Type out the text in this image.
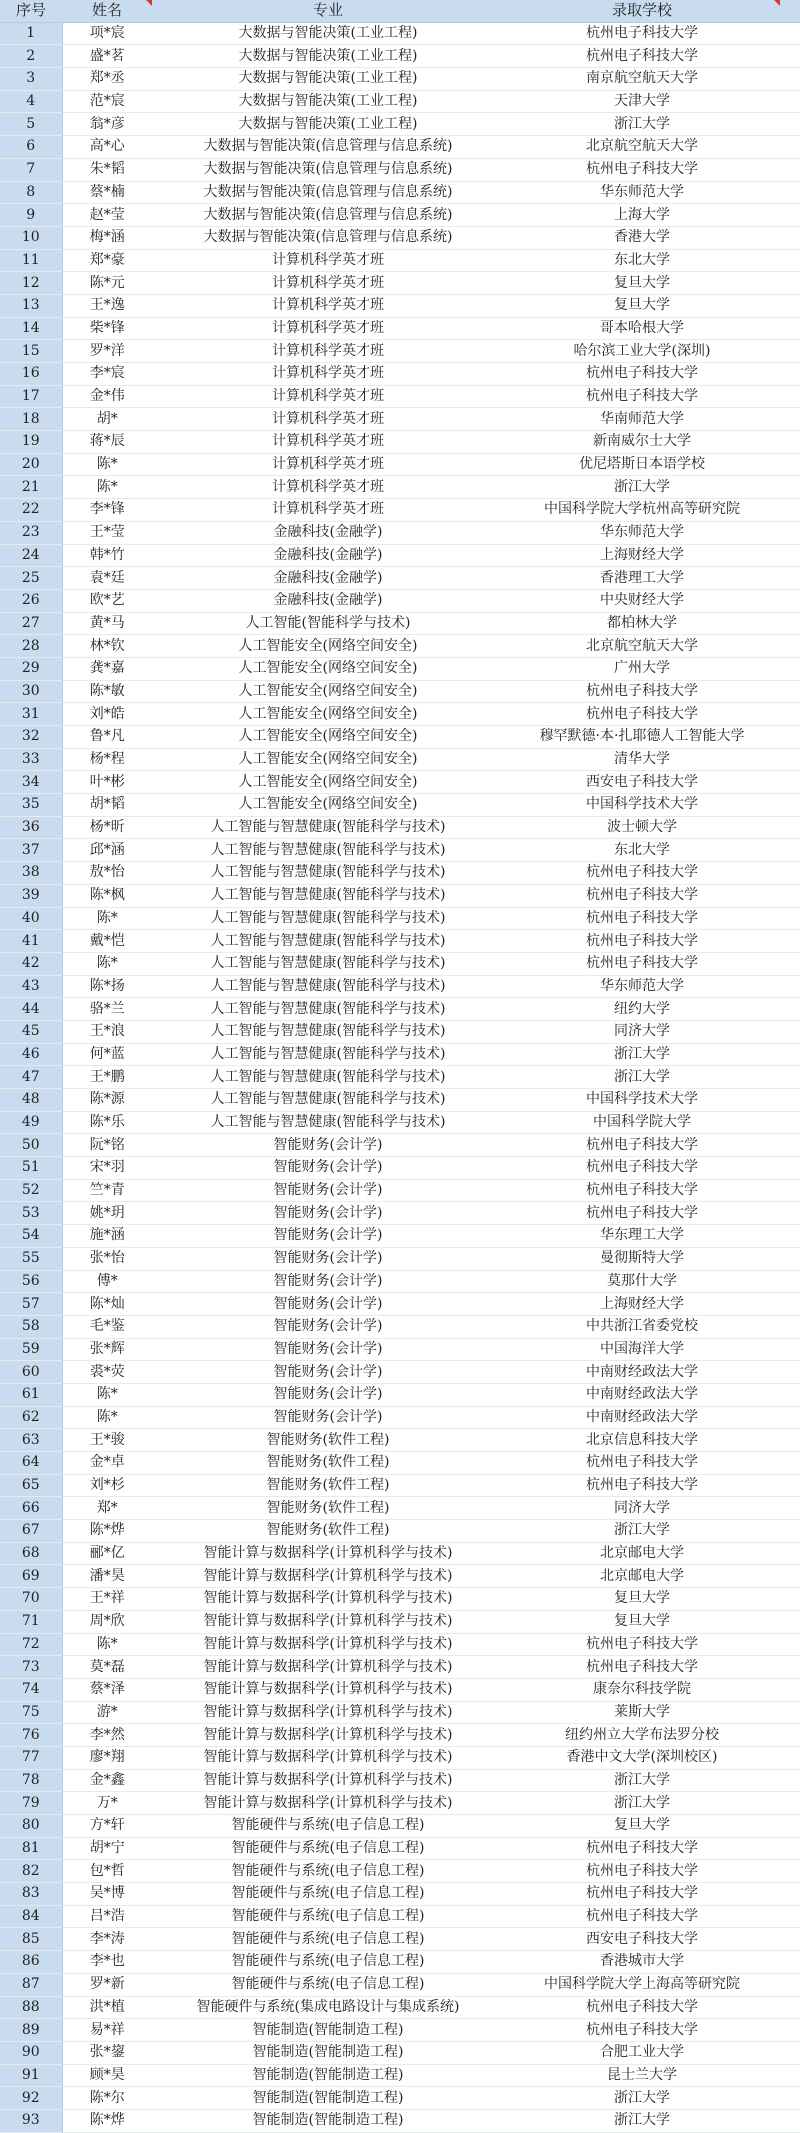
序号	姓名	专业	录取学校	
1	项*宸	大数据与智能决策(工业工程)	杭州电子科技大学	
2	盛*茗	大数据与智能决策(工业工程)	杭州电子科技大学	
3	郑*丞	大数据与智能决策(工业工程)	南京航空航天大学	
4	范*宸	大数据与智能决策(工业工程)	天津大学	
5	翁*彦	大数据与智能决策(工业工程)	浙江大学	
6	高*心	大数据与智能决策(信息管理与信息系统)	北京航空航天大学	
7	朱*韬	大数据与智能决策(信息管理与信息系统)	杭州电子科技大学	
8	蔡*楠	大数据与智能决策(信息管理与信息系统)	华东师范大学	
9	赵*莹	大数据与智能决策(信息管理与信息系统)	上海大学	
10	梅*涵	大数据与智能决策(信息管理与信息系统)	香港大学	
11	郑*豪	计算机科学英才班	东北大学	
12	陈*元	计算机科学英才班	复旦大学	
13	王*逸	计算机科学英才班	复旦大学	
14	柴*锋	计算机科学英才班	哥本哈根大学	
15	罗*洋	计算机科学英才班	哈尔滨工业大学(深圳)	
16	李*宸	计算机科学英才班	杭州电子科技大学	
17	金*伟	计算机科学英才班	杭州电子科技大学	
18	胡*	计算机科学英才班	华南师范大学	
19	蒋*辰	计算机科学英才班	新南威尔士大学	
20	陈*	计算机科学英才班	优尼塔斯日本语学校	
21	陈*	计算机科学英才班	浙江大学	
22	李*锋	计算机科学英才班	中国科学院大学杭州高等研究院	
23	王*莹	金融科技(金融学)	华东师范大学	
24	韩*竹	金融科技(金融学)	上海财经大学	
25	袁*廷	金融科技(金融学)	香港理工大学	
26	欧*艺	金融科技(金融学)	中央财经大学	
27	黄*马	人工智能(智能科学与技术)	都柏林大学	
28	林*钦	人工智能安全(网络空间安全)	北京航空航天大学	
29	龚*嘉	人工智能安全(网络空间安全)	广州大学	
30	陈*敏	人工智能安全(网络空间安全)	杭州电子科技大学	
31	刘*皓	人工智能安全(网络空间安全)	杭州电子科技大学	
32	鲁*凡	人工智能安全(网络空间安全)	穆罕默德·本·扎耶德人工智能大学	
33	杨*程	人工智能安全(网络空间安全)	清华大学	
34	叶*彬	人工智能安全(网络空间安全)	西安电子科技大学	
35	胡*韬	人工智能安全(网络空间安全)	中国科学技术大学	
36	杨*昕	人工智能与智慧健康(智能科学与技术)	波士顿大学	
37	邱*涵	人工智能与智慧健康(智能科学与技术)	东北大学	
38	敖*怡	人工智能与智慧健康(智能科学与技术)	杭州电子科技大学	
39	陈*枫	人工智能与智慧健康(智能科学与技术)	杭州电子科技大学	
40	陈*	人工智能与智慧健康(智能科学与技术)	杭州电子科技大学	
41	戴*恺	人工智能与智慧健康(智能科学与技术)	杭州电子科技大学	
42	陈*	人工智能与智慧健康(智能科学与技术)	杭州电子科技大学	
43	陈*扬	人工智能与智慧健康(智能科学与技术)	华东师范大学	
44	骆*兰	人工智能与智慧健康(智能科学与技术)	纽约大学	
45	王*浪	人工智能与智慧健康(智能科学与技术)	同济大学	
46	何*蓝	人工智能与智慧健康(智能科学与技术)	浙江大学	
47	王*鹏	人工智能与智慧健康(智能科学与技术)	浙江大学	
48	陈*源	人工智能与智慧健康(智能科学与技术)	中国科学技术大学	
49	陈*乐	人工智能与智慧健康(智能科学与技术)	中国科学院大学	
50	阮*铭	智能财务(会计学)	杭州电子科技大学	
51	宋*羽	智能财务(会计学)	杭州电子科技大学	
52	竺*青	智能财务(会计学)	杭州电子科技大学	
53	姚*玥	智能财务(会计学)	杭州电子科技大学	
54	施*涵	智能财务(会计学)	华东理工大学	
55	张*怡	智能财务(会计学)	曼彻斯特大学	
56	傅*	智能财务(会计学)	莫那什大学	
57	陈*灿	智能财务(会计学)	上海财经大学	
58	毛*鉴	智能财务(会计学)	中共浙江省委党校	
59	张*辉	智能财务(会计学)	中国海洋大学	
60	裘*荧	智能财务(会计学)	中南财经政法大学	
61	陈*	智能财务(会计学)	中南财经政法大学	
62	陈*	智能财务(会计学)	中南财经政法大学	
63	王*骏	智能财务(软件工程)	北京信息科技大学	
64	金*卓	智能财务(软件工程)	杭州电子科技大学	
65	刘*杉	智能财务(软件工程)	杭州电子科技大学	
66	郑*	智能财务(软件工程)	同济大学	
67	陈*烨	智能财务(软件工程)	浙江大学	
68	郦*亿	智能计算与数据科学(计算机科学与技术)	北京邮电大学	
69	潘*昊	智能计算与数据科学(计算机科学与技术)	北京邮电大学	
70	王*祥	智能计算与数据科学(计算机科学与技术)	复旦大学	
71	周*欣	智能计算与数据科学(计算机科学与技术)	复旦大学	
72	陈*	智能计算与数据科学(计算机科学与技术)	杭州电子科技大学	
73	莫*磊	智能计算与数据科学(计算机科学与技术)	杭州电子科技大学	
74	蔡*泽	智能计算与数据科学(计算机科学与技术)	康奈尔科技学院	
75	游*	智能计算与数据科学(计算机科学与技术)	莱斯大学	
76	李*然	智能计算与数据科学(计算机科学与技术)	纽约州立大学布法罗分校	
77	廖*翔	智能计算与数据科学(计算机科学与技术)	香港中文大学(深圳校区)	
78	金*鑫	智能计算与数据科学(计算机科学与技术)	浙江大学	
79	万*	智能计算与数据科学(计算机科学与技术)	浙江大学	
80	方*轩	智能硬件与系统(电子信息工程)	复旦大学	
81	胡*宁	智能硬件与系统(电子信息工程)	杭州电子科技大学	
82	包*哲	智能硬件与系统(电子信息工程)	杭州电子科技大学	
83	吴*博	智能硬件与系统(电子信息工程)	杭州电子科技大学	
84	吕*浩	智能硬件与系统(电子信息工程)	杭州电子科技大学	
85	李*涛	智能硬件与系统(电子信息工程)	西安电子科技大学	
86	李*也	智能硬件与系统(电子信息工程)	香港城市大学	
87	罗*新	智能硬件与系统(电子信息工程)	中国科学院大学上海高等研究院	
88	洪*植	智能硬件与系统(集成电路设计与集成系统)	杭州电子科技大学	
89	易*祥	智能制造(智能制造工程)	杭州电子科技大学	
90	张*鋆	智能制造(智能制造工程)	合肥工业大学	
91	顾*昊	智能制造(智能制造工程)	昆士兰大学	
92	陈*尔	智能制造(智能制造工程)	浙江大学	
93	陈*烨	智能制造(智能制造工程)	浙江大学	
